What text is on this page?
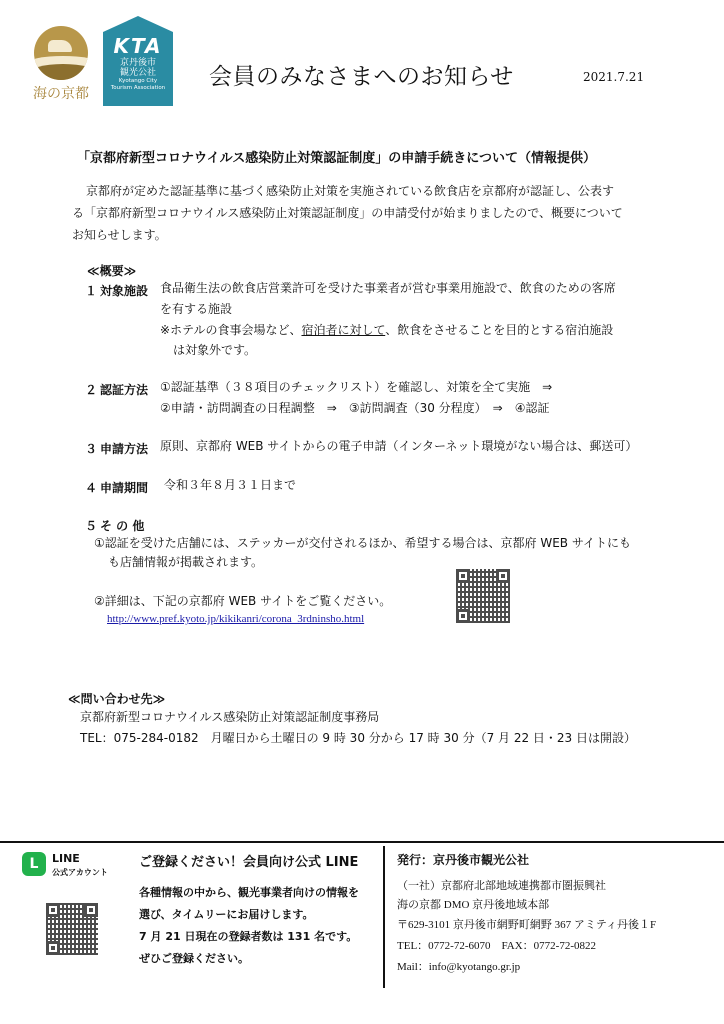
海の京都
KTA
京丹後市
観光公社
Kyotango City
Tourism Association	会員のみなさまへのお知らせ	2021.7.21
「京都府新型コロナウイルス感染防止対策認証制度」の申請手続きについて（情報提供）
京都府が定めた認証基準に基づく感染防止対策を実施されている飲食店を京都府が認証し、公表す
る「京都府新型コロナウイルス感染防止対策認証制度」の申請受付が始まりましたので、概要について
お知らせします。
≪概要≫
１ 対象施設 食品衛生法の飲食店営業許可を受けた事業者が営む事業用施設で、飲食のための客席
を有する施設
※ホテルの食事会場など、宿泊者に対して、飲食をさせることを目的とする宿泊施設
は対象外です。
２ 認証方法 ①認証基準（３８項目のチェックリスト）を確認し、対策を全て実施　⇒
②申請・訪問調査の日程調整　⇒　③訪問調査（30 分程度）　⇒　④認証
３ 申請方法 原則、京都府 WEB サイトからの電子申請（インターネット環境がない場合は、郵送可）
４ 申請期間 令和３年８月３１日まで
５ そ の 他
①認証を受けた店舗には、ステッカーが交付されるほか、希望する場合は、京都府 WEB サイトにも
も店舗情報が掲載されます。
②詳細は、下記の京都府 WEB サイトをご覧ください。
http://www.pref.kyoto.jp/kikikanri/corona_3rdninsho.html
≪問い合わせ先≫
京都府新型コロナウイルス感染防止対策認証制度事務局
TEL：075-284-0182　月曜日から土曜日の 9 時 30 分から 17 時 30 分（7 月 22 日・23 日は開設）
L	LINE
公式アカウント
ご登録ください！会員向け公式 LINE
各種情報の中から、観光事業者向けの情報を
選び、タイムリーにお届けします。
7 月 21 日現在の登録者数は 131 名です。
ぜひご登録ください。
発行：京丹後市観光公社
（一社）京都府北部地域連携都市圏振興社
海の京都 DMO 京丹後地域本部
〒629-3101 京丹後市網野町網野 367 アミティ丹後１F
TEL：0772-72-6070　FAX：0772-72-0822
Mail：info@kyotango.gr.jp
